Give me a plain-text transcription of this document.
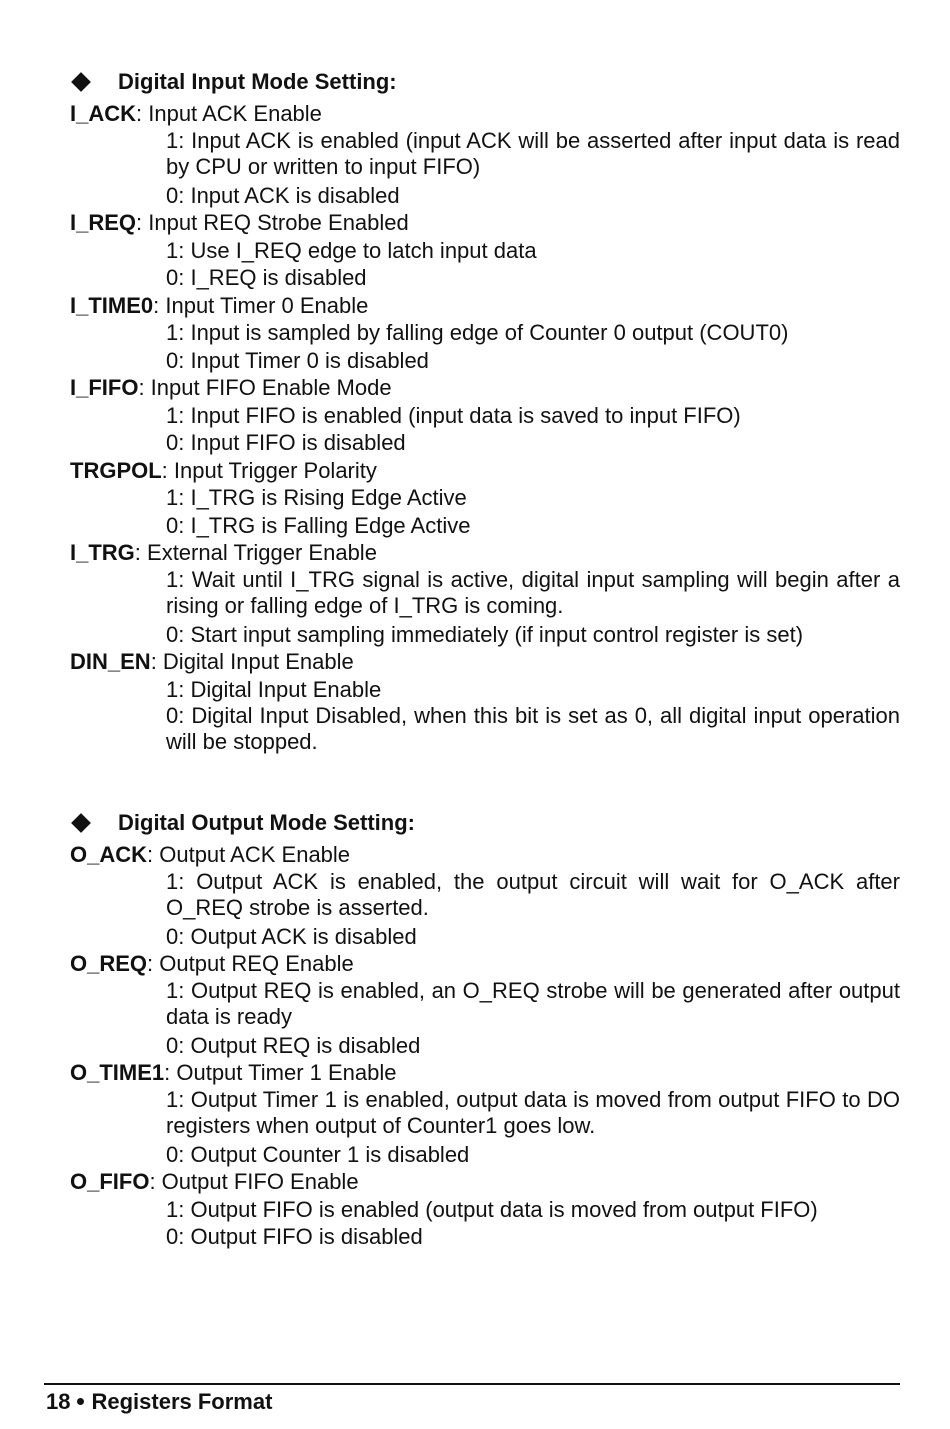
Digital Input Mode Setting:
I_ACK: Input ACK Enable
1: Input ACK is enabled (input ACK will be asserted after input data is read by CPU or written to input FIFO)
0: Input ACK is disabled
I_REQ: Input REQ Strobe Enabled
1: Use I_REQ edge to latch input data
0: I_REQ is disabled
I_TIME0: Input Timer 0 Enable
1: Input is sampled by falling edge of Counter 0 output (COUT0)
0: Input Timer 0 is disabled
I_FIFO: Input FIFO Enable Mode
1: Input FIFO is enabled (input data is saved to input FIFO)
0: Input FIFO is disabled
TRGPOL: Input Trigger Polarity
1: I_TRG is Rising Edge Active
0: I_TRG is Falling Edge Active
I_TRG: External Trigger Enable
1: Wait until I_TRG signal is active, digital input sampling will begin after a rising or falling edge of I_TRG is coming.
0: Start input sampling immediately (if input control register is set)
DIN_EN: Digital Input Enable
1: Digital Input Enable
0: Digital Input Disabled, when this bit is set as 0, all digital input operation will be stopped.
Digital Output Mode Setting:
O_ACK: Output ACK Enable
1: Output ACK is enabled, the output circuit will wait for O_ACK after O_REQ strobe is asserted.
0: Output ACK is disabled
O_REQ: Output REQ Enable
1: Output REQ is enabled, an O_REQ strobe will be generated after output data is ready
0: Output REQ is disabled
O_TIME1: Output Timer 1 Enable
1: Output Timer 1 is enabled, output data is moved from output FIFO to DO registers when output of Counter1 goes low.
0: Output Counter 1 is disabled
O_FIFO: Output FIFO Enable
1: Output FIFO is enabled (output data is moved from output FIFO)
0: Output FIFO is disabled
18 Registers Format
